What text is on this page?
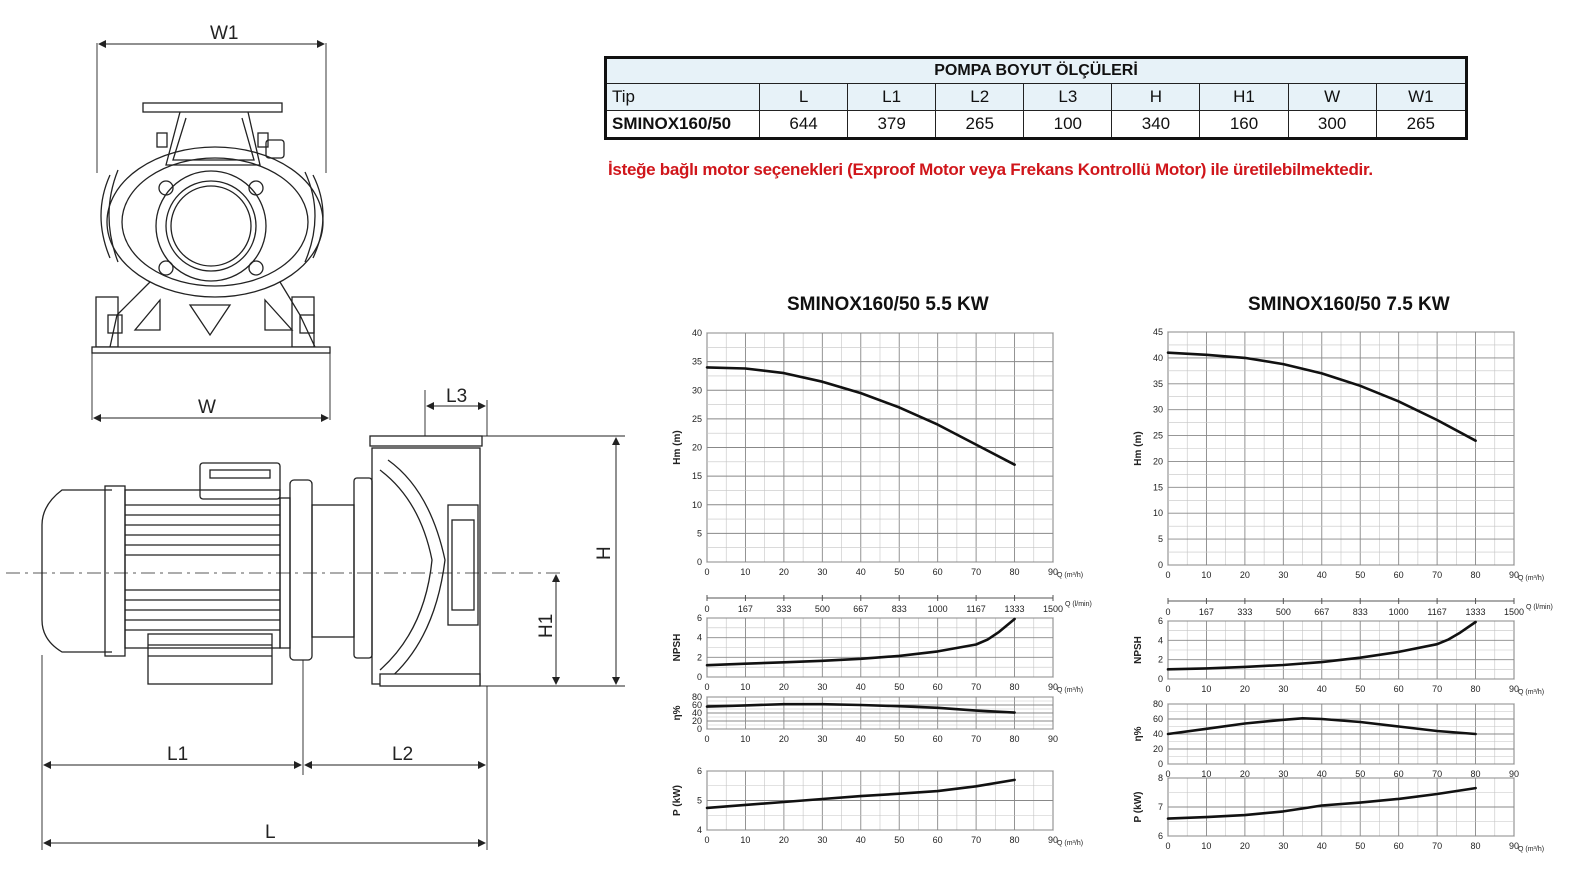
W1
W
L3
H
H1
L1	L2
L
POMPA BOYUT ÖLÇÜLERİ								
Tip	L	L1	L2	L3	H	H1	W	W1
SMINOX160/50	644	379	265	100	340	160	300	265
İsteğe bağlı motor seçenekleri (Exproof Motor veya Frekans Kontrollü Motor) ile üretilebilmektedir.
SMINOX160/50 5.5 KW	SMINOX160/50 7.5 KW
0
5
10
15
20
25
30
35
40
Hm (m)
0	10	20	30	40	50	60	70	80	90
Q (m³/h)
0
2
4
6
NPSH
0	10	20	30	40	50	60	70	80	90
Q (m³/h)
0
20
40
60
80
η%
0	10	20	30	40	50	60	70	80	90
4
5
6
P (kW)
0	10	20	30	40	50	60	70	80	90
Q (m³/h)
0	167	333	500	667	833 1000 1167 1333 1500 Q (l/min)
0
5
10
15
20
25
30
35
40
45
Hm (m)
0	10	20	30	40	50	60	70	80	90
Q (m³/h)
0
2
4
6
NPSH
0	10	20	30	40	50	60	70	80	90
Q (m³/h)
0
20
40
60
80
η%
0	10	20	30	40	50	60	70	80	90
6
7
8
P (kW)
0	10	20	30	40	50	60	70	80	90
Q (m³/h)
0	167	333	500	667	833 1000 1167 1333 1500 Q (l/min)
